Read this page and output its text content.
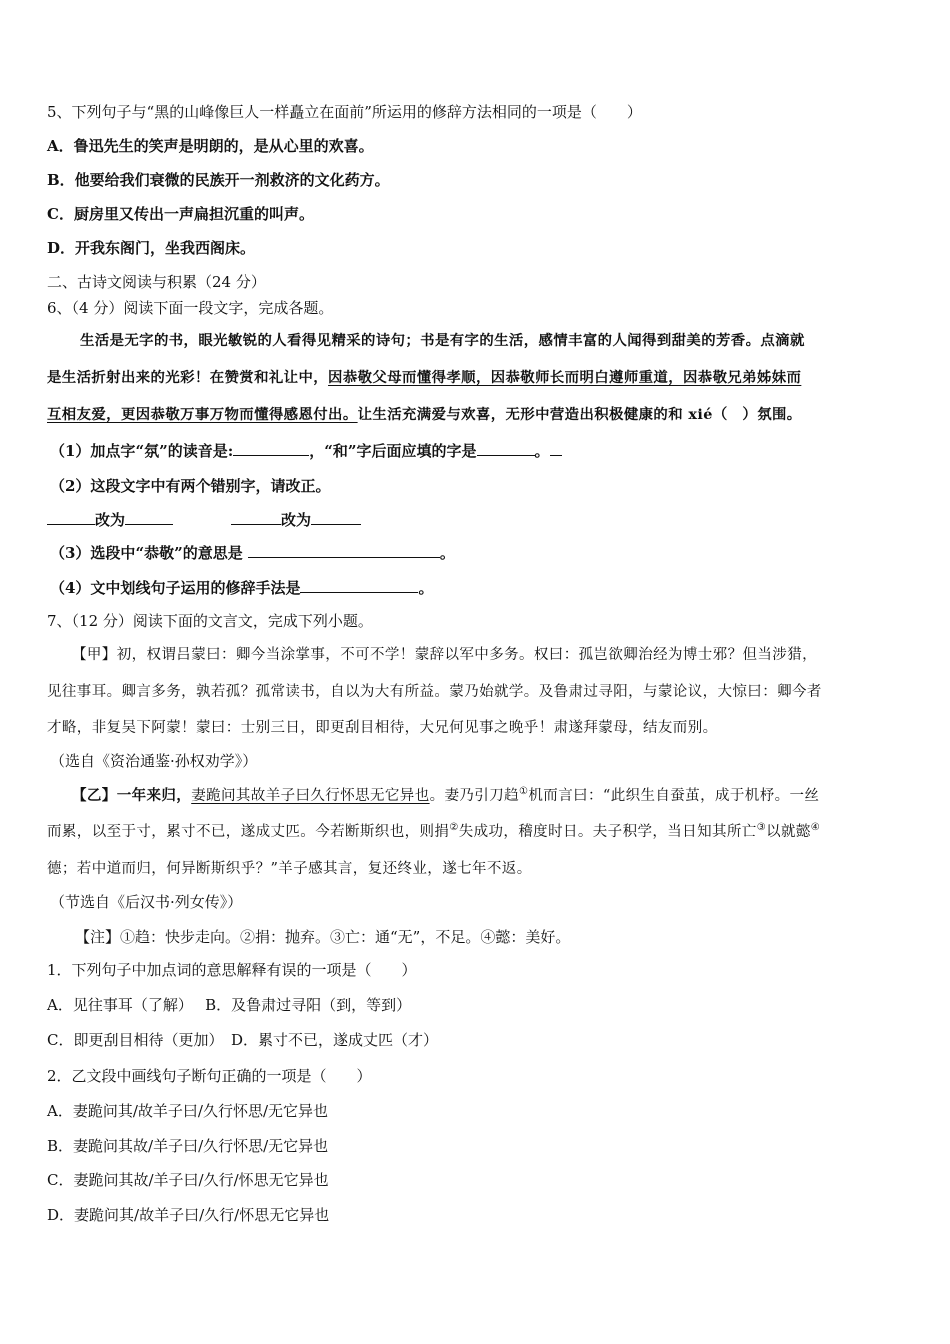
5、下列句子与“黑的山峰像巨人一样矗立在面前”所运用的修辞方法相同的一项是（　　）
A．鲁迅先生的笑声是明朗的，是从心里的欢喜。
B．他要给我们衰微的民族开一剂救济的文化药方。
C．厨房里又传出一声扁担沉重的叫声。
D．开我东阁门，坐我西阁床。
二、古诗文阅读与积累（24 分）
6、（4 分）阅读下面一段文字，完成各题。
生活是无字的书，眼光敏锐的人看得见精采的诗句；书是有字的生活，感情丰富的人闻得到甜美的芳香。点滴就
是生活折射出来的光彩！在赞赏和礼让中，因恭敬父母而懂得孝顺，因恭敬师长而明白遵师重道，因恭敬兄弟姊妹而
互相友爱，更因恭敬万事万物而懂得感恩付出。让生活充满爱与欢喜，无形中营造出积极健康的和 xié（　）氛围。
（1）加点字“氛”的读音是:	，“和”字后面应填的字是	。
（2）这段文字中有两个错别字，请改正。
改为	改为
（3）选段中“恭敬”的意思是	。
（4）文中划线句子运用的修辞手法是	。
7、（12 分）阅读下面的文言文，完成下列小题。
【甲】初，权谓吕蒙曰：卿今当涂掌事，不可不学！蒙辞以军中多务。权曰：孤岂欲卿治经为博士邪？但当涉猎，
见往事耳。卿言多务，孰若孤？孤常读书，自以为大有所益。蒙乃始就学。及鲁肃过寻阳，与蒙论议，大惊曰：卿今者
才略，非复吴下阿蒙！蒙曰：士别三日，即更刮目相待，大兄何见事之晚乎！肃遂拜蒙母，结友而别。
（选自《资治通鉴·孙权劝学》）
【乙】一年来归，妻跪问其故羊子曰久行怀思无它异也。妻乃引刀趋①机而言曰：“此织生自蚕茧，成于机杼。一丝
而累，以至于寸，累寸不已，遂成丈匹。今若断斯织也，则捐②失成功，稽度时日。夫子积学，当日知其所亡③以就懿④
德；若中道而归，何异断斯织乎？”羊子感其言，复还终业，遂七年不返。
（节选自《后汉书·列女传》）
【注】①趋：快步走向。②捐：抛弃。③亡：通“无”，不足。④懿：美好。
1．下列句子中加点词的意思解释有误的一项是（　　）
A．见往事耳（了解）　 B．及鲁肃过寻阳（到，等到）
C．即更刮目相待（更加）　D．累寸不已，遂成丈匹（才）
2．乙文段中画线句子断句正确的一项是（　　）
A．妻跪问其/故羊子曰/久行怀思/无它异也
B．妻跪问其故/羊子曰/久行怀思/无它异也
C．妻跪问其故/羊子曰/久行/怀思无它异也
D．妻跪问其/故羊子曰/久行/怀思无它异也
